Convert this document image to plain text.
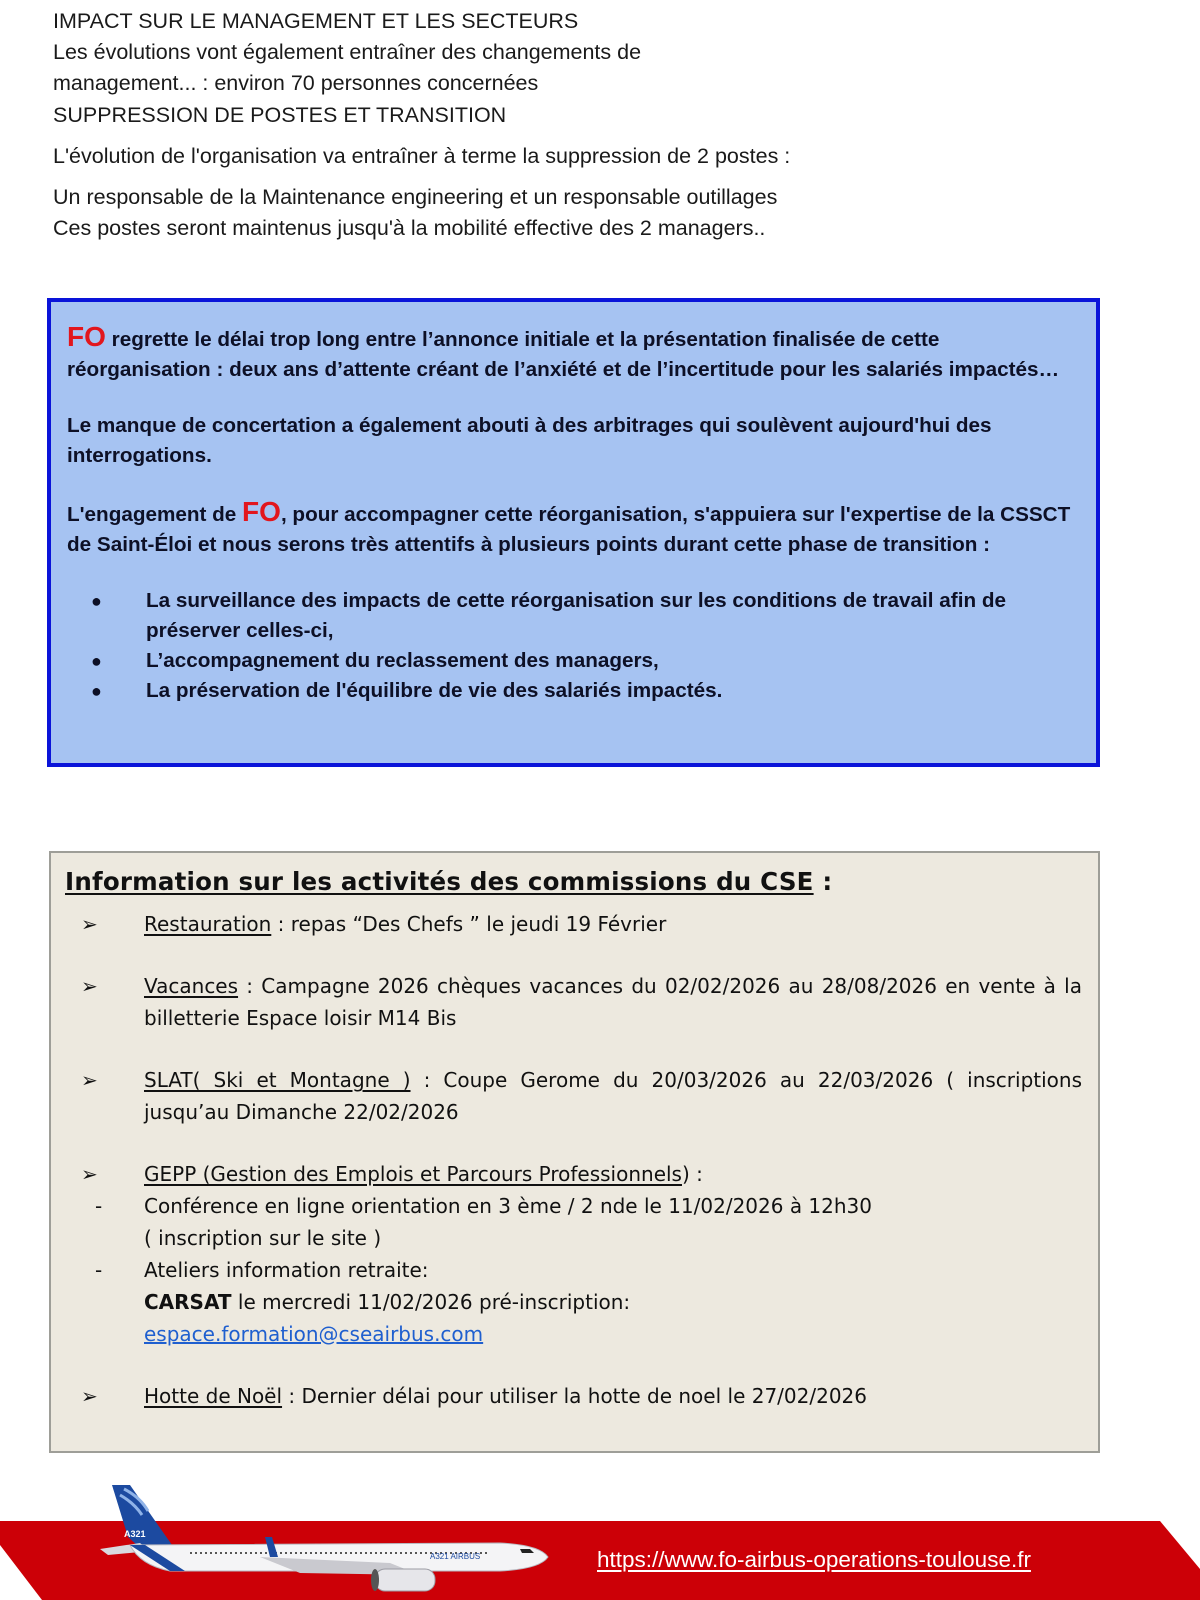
IMPACT SUR LE MANAGEMENT ET LES SECTEURS

Les évolutions vont également entraîner des changements de

management... : environ 70 personnes concernées

SUPPRESSION DE POSTES ET TRANSITION

L'évolution de l'organisation va entraîner à terme la suppression de 2 postes :

Un responsable de la Maintenance engineering et un responsable outillages

Ces postes seront maintenus jusqu'à la mobilité effective des 2 managers..

FO regrette le délai trop long entre l’annonce initiale et la présentation finalisée de cette réorganisation : deux ans d’attente créant de l’anxiété et de l’incertitude pour les salariés impactés…

Le manque de concertation a également abouti à des arbitrages qui soulèvent aujourd'hui des interrogations.

L'engagement de FO, pour accompagner cette réorganisation, s'appuiera sur l'expertise de la CSSCT de Saint-Éloi et nous serons très attentifs à plusieurs points durant cette phase de transition :

● La surveillance des impacts de cette réorganisation sur les conditions de travail afin de préserver celles-ci,
● L’accompagnement du reclassement des managers,
● La préservation de l'équilibre de vie des salariés impactés.
Information sur les activités des commissions du CSE :
➢ Restauration : repas “Des Chefs ” le jeudi 19 Février
➢ Vacances : Campagne 2026 chèques vacances du 02/02/2026 au 28/08/2026 en vente à la billetterie Espace loisir M14 Bis
➢ SLAT( Ski et Montagne ) : Coupe Gerome du 20/03/2026 au 22/03/2026 ( inscriptions jusqu’au Dimanche 22/02/2026
➢ GEPP (Gestion des Emplois et Parcours Professionnels) :
- Conférence en ligne orientation en 3 ème / 2 nde le 11/02/2026 à 12h30
( inscription sur le site )
- Ateliers information retraite:
CARSAT le mercredi 11/02/2026 pré-inscription:
espace.formation@cseairbus.com
➢ Hotte de Noël : Dernier délai pour utiliser la hotte de noel le 27/02/2026
A321
A321 AIRBUS	https://www.fo-airbus-operations-toulouse.fr
